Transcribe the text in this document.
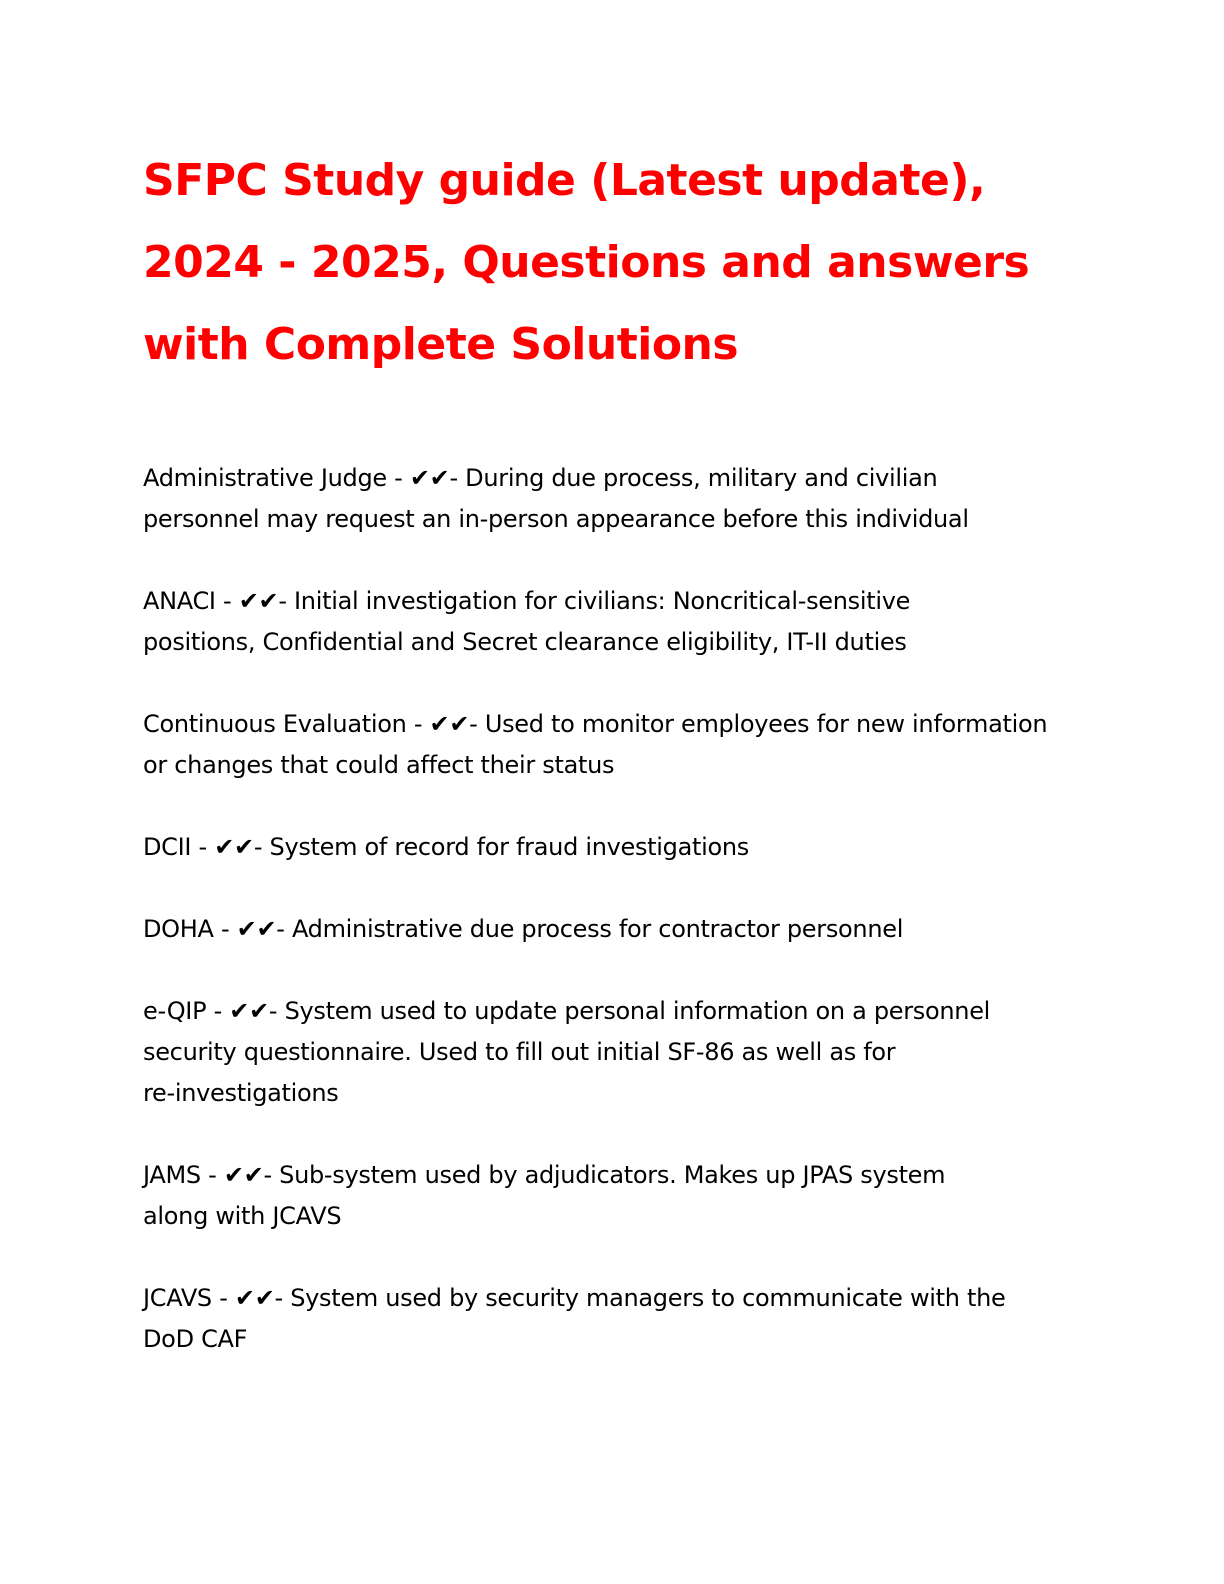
SFPC Study guide (Latest update),
2024 - 2025, Questions and answers
with Complete Solutions

Administrative Judge - ✔✔- During due process, military and civilian
personnel may request an in-person appearance before this individual

ANACI - ✔✔- Initial investigation for civilians: Noncritical-sensitive
positions, Confidential and Secret clearance eligibility, IT-II duties

Continuous Evaluation - ✔✔- Used to monitor employees for new information
or changes that could affect their status

DCII - ✔✔- System of record for fraud investigations

DOHA - ✔✔- Administrative due process for contractor personnel

e-QIP - ✔✔- System used to update personal information on a personnel
security questionnaire. Used to fill out initial SF-86 as well as for
re-investigations

JAMS - ✔✔- Sub-system used by adjudicators. Makes up JPAS system
along with JCAVS

JCAVS - ✔✔- System used by security managers to communicate with the
DoD CAF
